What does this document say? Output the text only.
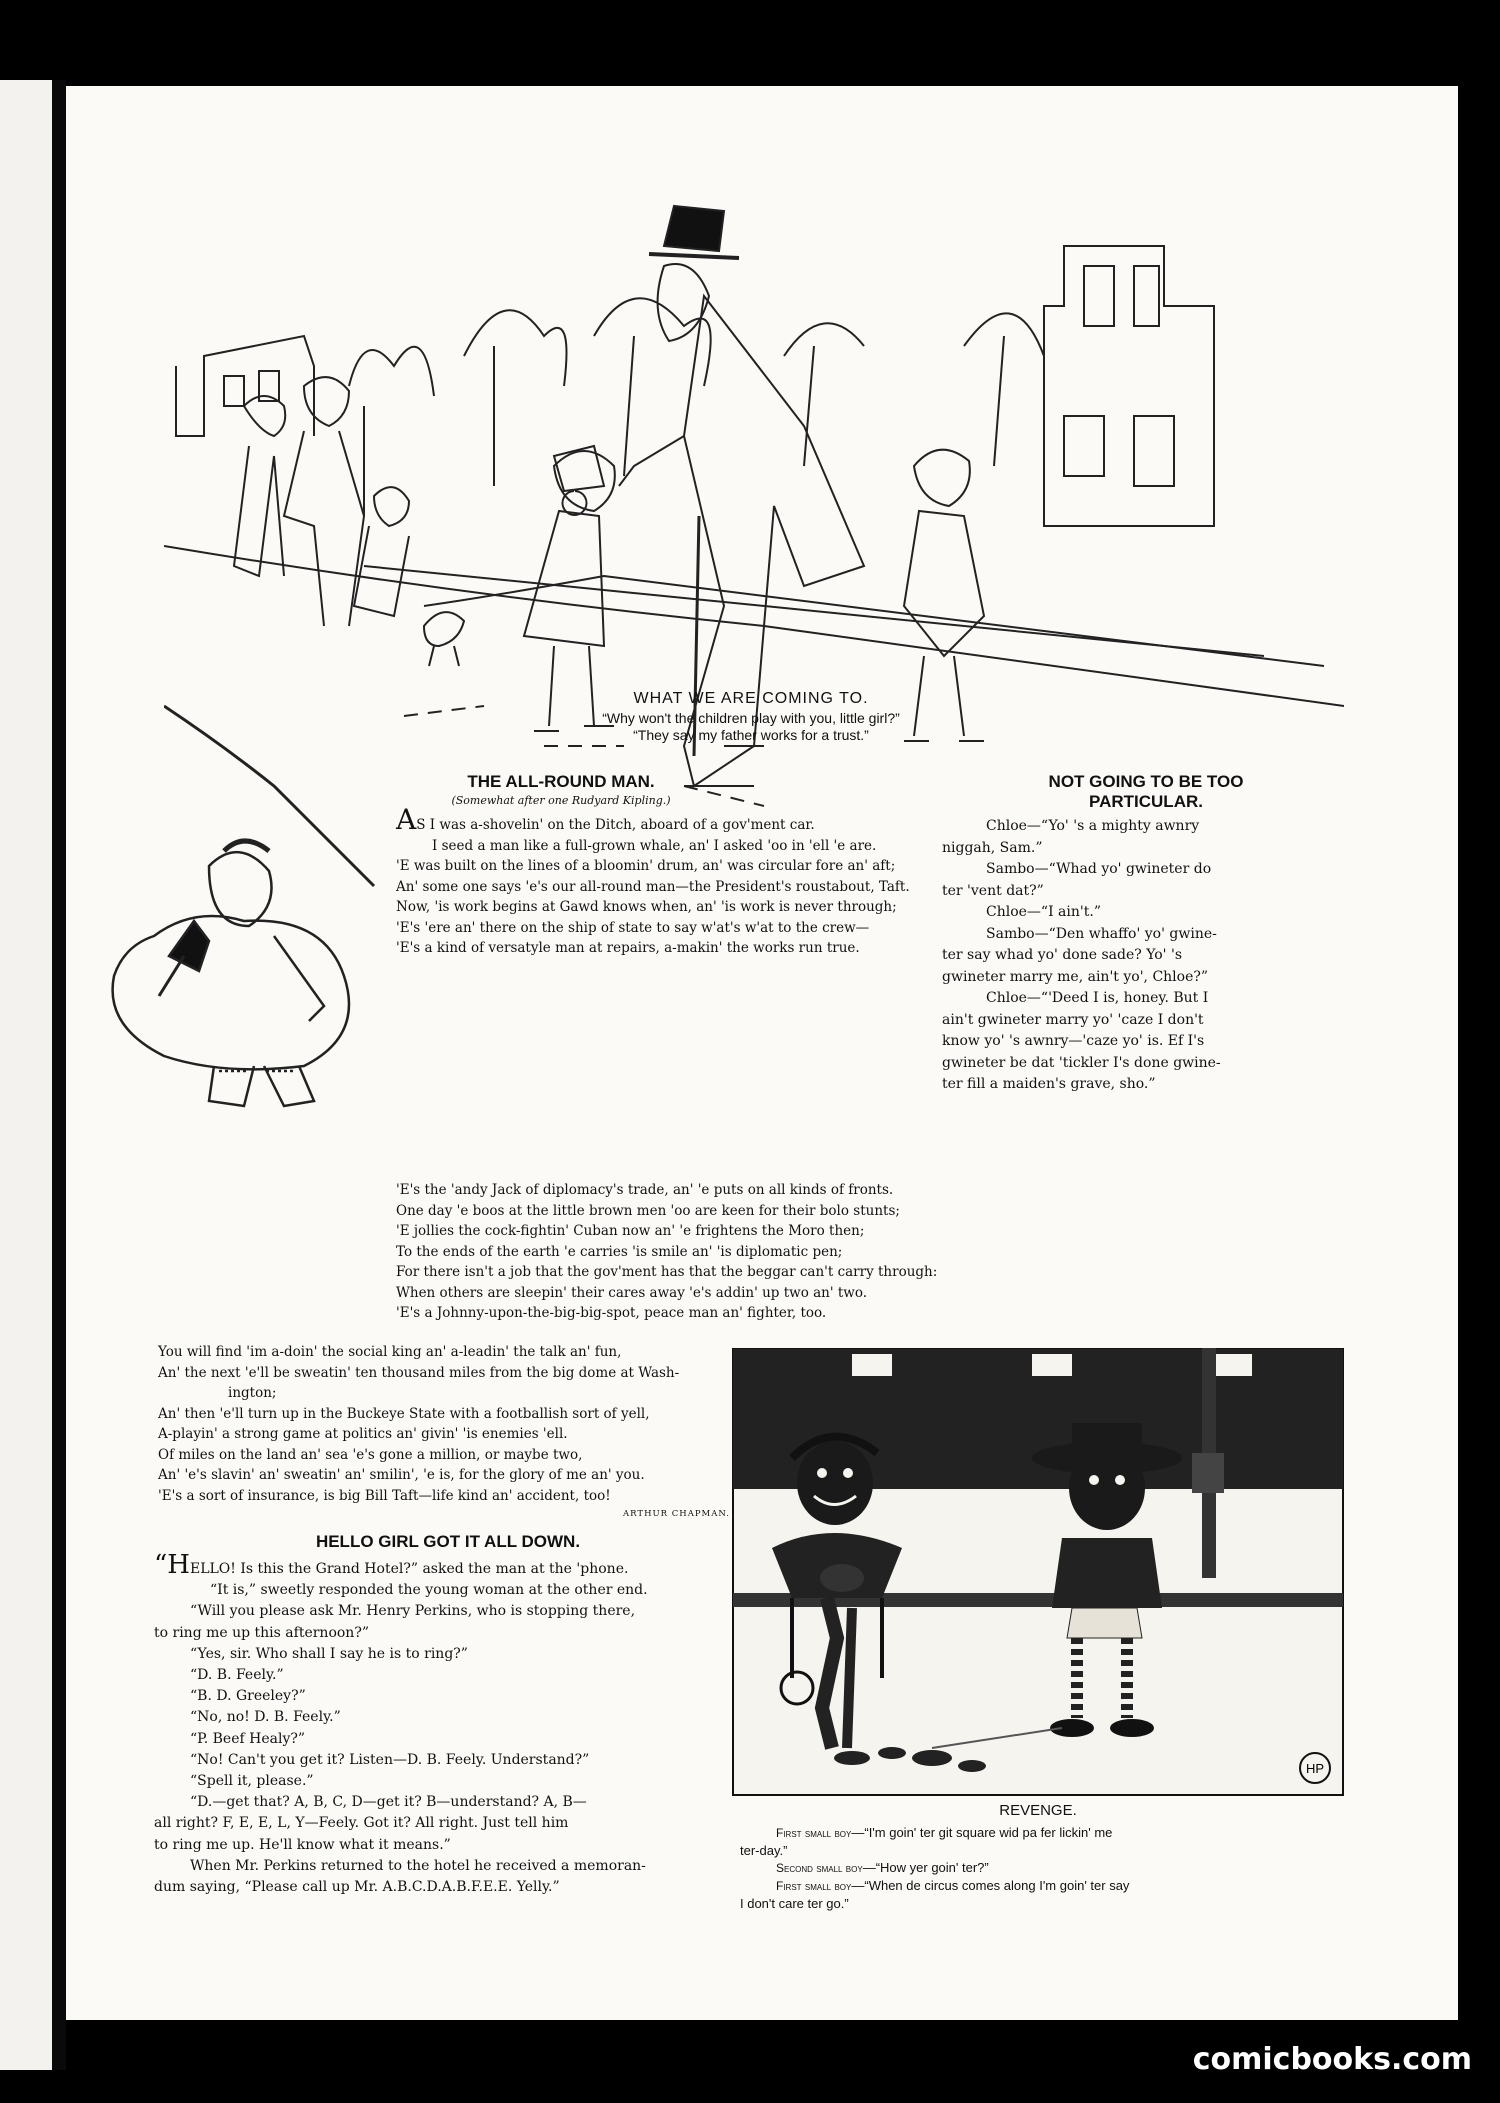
WHAT WE ARE COMING TO.
“Why won't the children play with you, little girl?”
“They say my father works for a trust.”
THE ALL-ROUND MAN.
(Somewhat after one Rudyard Kipling.)

AS I was a-shovelin' on the Ditch, aboard of a gov'ment car.

I seed a man like a full-grown whale, an' I asked 'oo in 'ell 'e are.

'E was built on the lines of a bloomin' drum, an' was circular fore an' aft;

An' some one says 'e's our all-round man—the President's roustabout, Taft.

Now, 'is work begins at Gawd knows when, an' 'is work is never through;

'E's 'ere an' there on the ship of state to say w'at's w'at to the crew—

'E's a kind of versatyle man at repairs, a-makin' the works run true.

'E's the 'andy Jack of diplomacy's trade, an' 'e puts on all kinds of fronts.

One day 'e boos at the little brown men 'oo are keen for their bolo stunts;

'E jollies the cock-fightin' Cuban now an' 'e frightens the Moro then;

To the ends of the earth 'e carries 'is smile an' 'is diplomatic pen;

For there isn't a job that the gov'ment has that the beggar can't carry through:

When others are sleepin' their cares away 'e's addin' up two an' two.

'E's a Johnny-upon-the-big-big-spot, peace man an' fighter, too.

You will find 'im a-doin' the social king an' a-leadin' the talk an' fun,

An' the next 'e'll be sweatin' ten thousand miles from the big dome at Wash-

ington;

An' then 'e'll turn up in the Buckeye State with a footballish sort of yell,

A-playin' a strong game at politics an' givin' 'is enemies 'ell.

Of miles on the land an' sea 'e's gone a million, or maybe two,

An' 'e's slavin' an' sweatin' an' smilin', 'e is, for the glory of me an' you.

'E's a sort of insurance, is big Bill Taft—life kind an' accident, too!

ARTHUR CHAPMAN.
NOT GOING TO BE TOO
PARTICULAR.

Chloe—“Yo' 's a mighty awnry

niggah, Sam.”

Sambo—“Whad yo' gwineter do

ter 'vent dat?”

Chloe—“I ain't.”

Sambo—“Den whaffo' yo' gwine-

ter say whad yo' done sade? Yo' 's

gwineter marry me, ain't yo', Chloe?”

Chloe—“'Deed I is, honey. But I

ain't gwineter marry yo' 'caze I don't

know yo' 's awnry—'caze yo' is. Ef I's

gwineter be dat 'tickler I's done gwine-

ter fill a maiden's grave, sho.”

HELLO GIRL GOT IT ALL DOWN.

“HELLO! Is this the Grand Hotel?” asked the man at the 'phone.

“It is,” sweetly responded the young woman at the other end.

“Will you please ask Mr. Henry Perkins, who is stopping there,

to ring me up this afternoon?”

“Yes, sir. Who shall I say he is to ring?”

“D. B. Feely.”

“B. D. Greeley?”

“No, no! D. B. Feely.”

“P. Beef Healy?”

“No! Can't you get it? Listen—D. B. Feely. Understand?”

“Spell it, please.”

“D.—get that? A, B, C, D—get it? B—understand? A, B—

all right? F, E, E, L, Y—Feely. Got it? All right. Just tell him

to ring me up. He'll know what it means.”

When Mr. Perkins returned to the hotel he received a memoran-

dum saying, “Please call up Mr. A.B.C.D.A.B.F.E.E. Yelly.”

HP
REVENGE.
First small boy—“I'm goin' ter git square wid pa fer lickin' me
ter-day.”
Second small boy—“How yer goin' ter?”
First small boy—“When de circus comes along I'm goin' ter say
I don't care ter go.”
comicbooks.com
